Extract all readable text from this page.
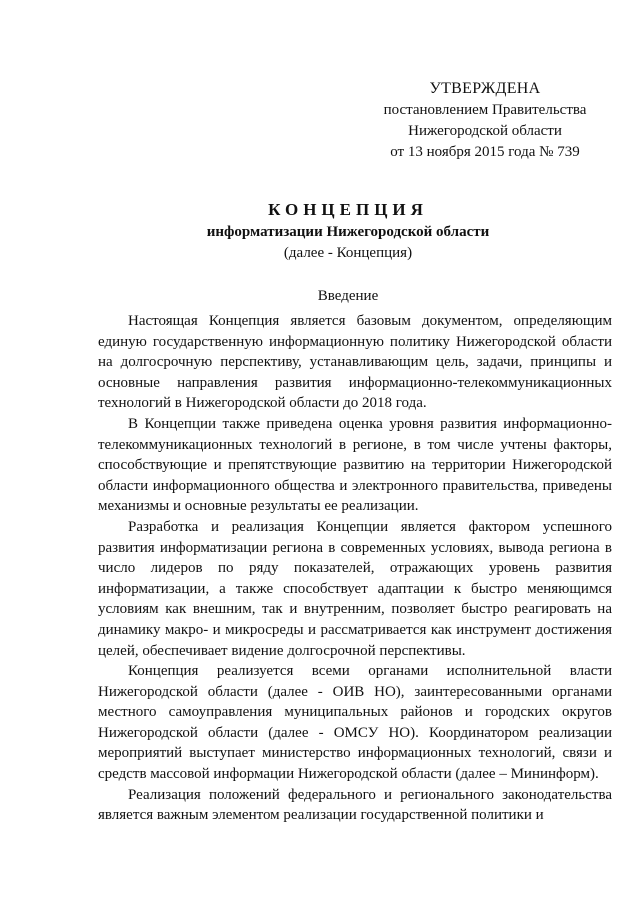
УТВЕРЖДЕНА
постановлением Правительства
Нижегородской области
от 13 ноября 2015 года № 739
КОНЦЕПЦИЯ
информатизации Нижегородской области
(далее - Концепция)
Введение

Настоящая Концепция является базовым документом, определяющим единую государственную информационную политику Нижегородской области на долгосрочную перспективу, устанавливающим цель, задачи, принципы и основные направления развития информационно-телекоммуникационных технологий в Нижегородской области до 2018 года.

В Концепции также приведена оценка уровня развития информационно-телекоммуникационных технологий в регионе, в том числе учтены факторы, способствующие и препятствующие развитию на территории Нижегородской области информационного общества и электронного правительства, приведены механизмы и основные результаты ее реализации.

Разработка и реализация Концепции является фактором успешного развития информатизации региона в современных условиях, вывода региона в число лидеров по ряду показателей, отражающих уровень развития информатизации, а также способствует адаптации к быстро меняющимся условиям как внешним, так и внутренним, позволяет быстро реагировать на динамику макро- и микросреды и рассматривается как инструмент достижения целей, обеспечивает видение долгосрочной перспективы.

Концепция реализуется всеми органами исполнительной власти Нижегородской области (далее - ОИВ НО), заинтересованными органами местного самоуправления муниципальных районов и городских округов Нижегородской области (далее - ОМСУ НО). Координатором реализации мероприятий выступает министерство информационных технологий, связи и средств массовой информации Нижегородской области (далее – Мининформ).

Реализация положений федерального и регионального законодательства является важным элементом реализации государственной политики и
